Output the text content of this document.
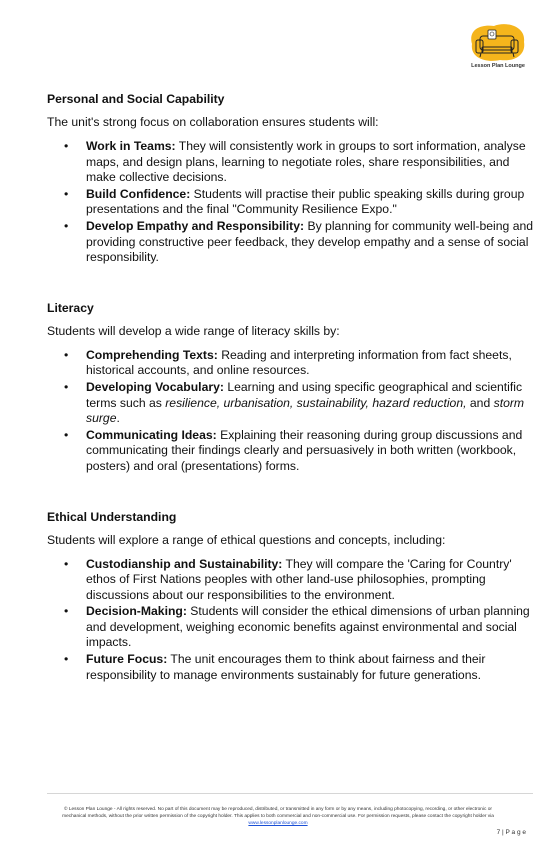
Lesson Plan Lounge
Personal and Social Capability

The unit's strong focus on collaboration ensures students will:

• Work in Teams: They will consistently work in groups to sort information, analyse maps, and design plans, learning to negotiate roles, share responsibilities, and make collective decisions.
• Build Confidence: Students will practise their public speaking skills during group presentations and the final "Community Resilience Expo."
• Develop Empathy and Responsibility: By planning for community well-being and providing constructive peer feedback, they develop empathy and a sense of social responsibility.
Literacy

Students will develop a wide range of literacy skills by:

• Comprehending Texts: Reading and interpreting information from fact sheets, historical accounts, and online resources.
• Developing Vocabulary: Learning and using specific geographical and scientific terms such as resilience, urbanisation, sustainability, hazard reduction, and storm surge.
• Communicating Ideas: Explaining their reasoning during group discussions and communicating their findings clearly and persuasively in both written (workbook, posters) and oral (presentations) forms.
Ethical Understanding

Students will explore a range of ethical questions and concepts, including:

• Custodianship and Sustainability: They will compare the 'Caring for Country' ethos of First Nations peoples with other land-use philosophies, prompting discussions about our responsibilities to the environment.
• Decision-Making: Students will consider the ethical dimensions of urban planning and development, weighing economic benefits against environmental and social impacts.
• Future Focus: The unit encourages them to think about fairness and their responsibility to manage environments sustainably for future generations.
© Lesson Plan Lounge - All rights reserved. No part of this document may be reproduced, distributed, or transmitted in any form or by any means, including photocopying, recording, or other electronic or
mechanical methods, without the prior written permission of the copyright holder. This applies to both commercial and non-commercial use. For permission requests, please contact the copyright holder via
www.lessonplanlounge.com
7 | P a g e
